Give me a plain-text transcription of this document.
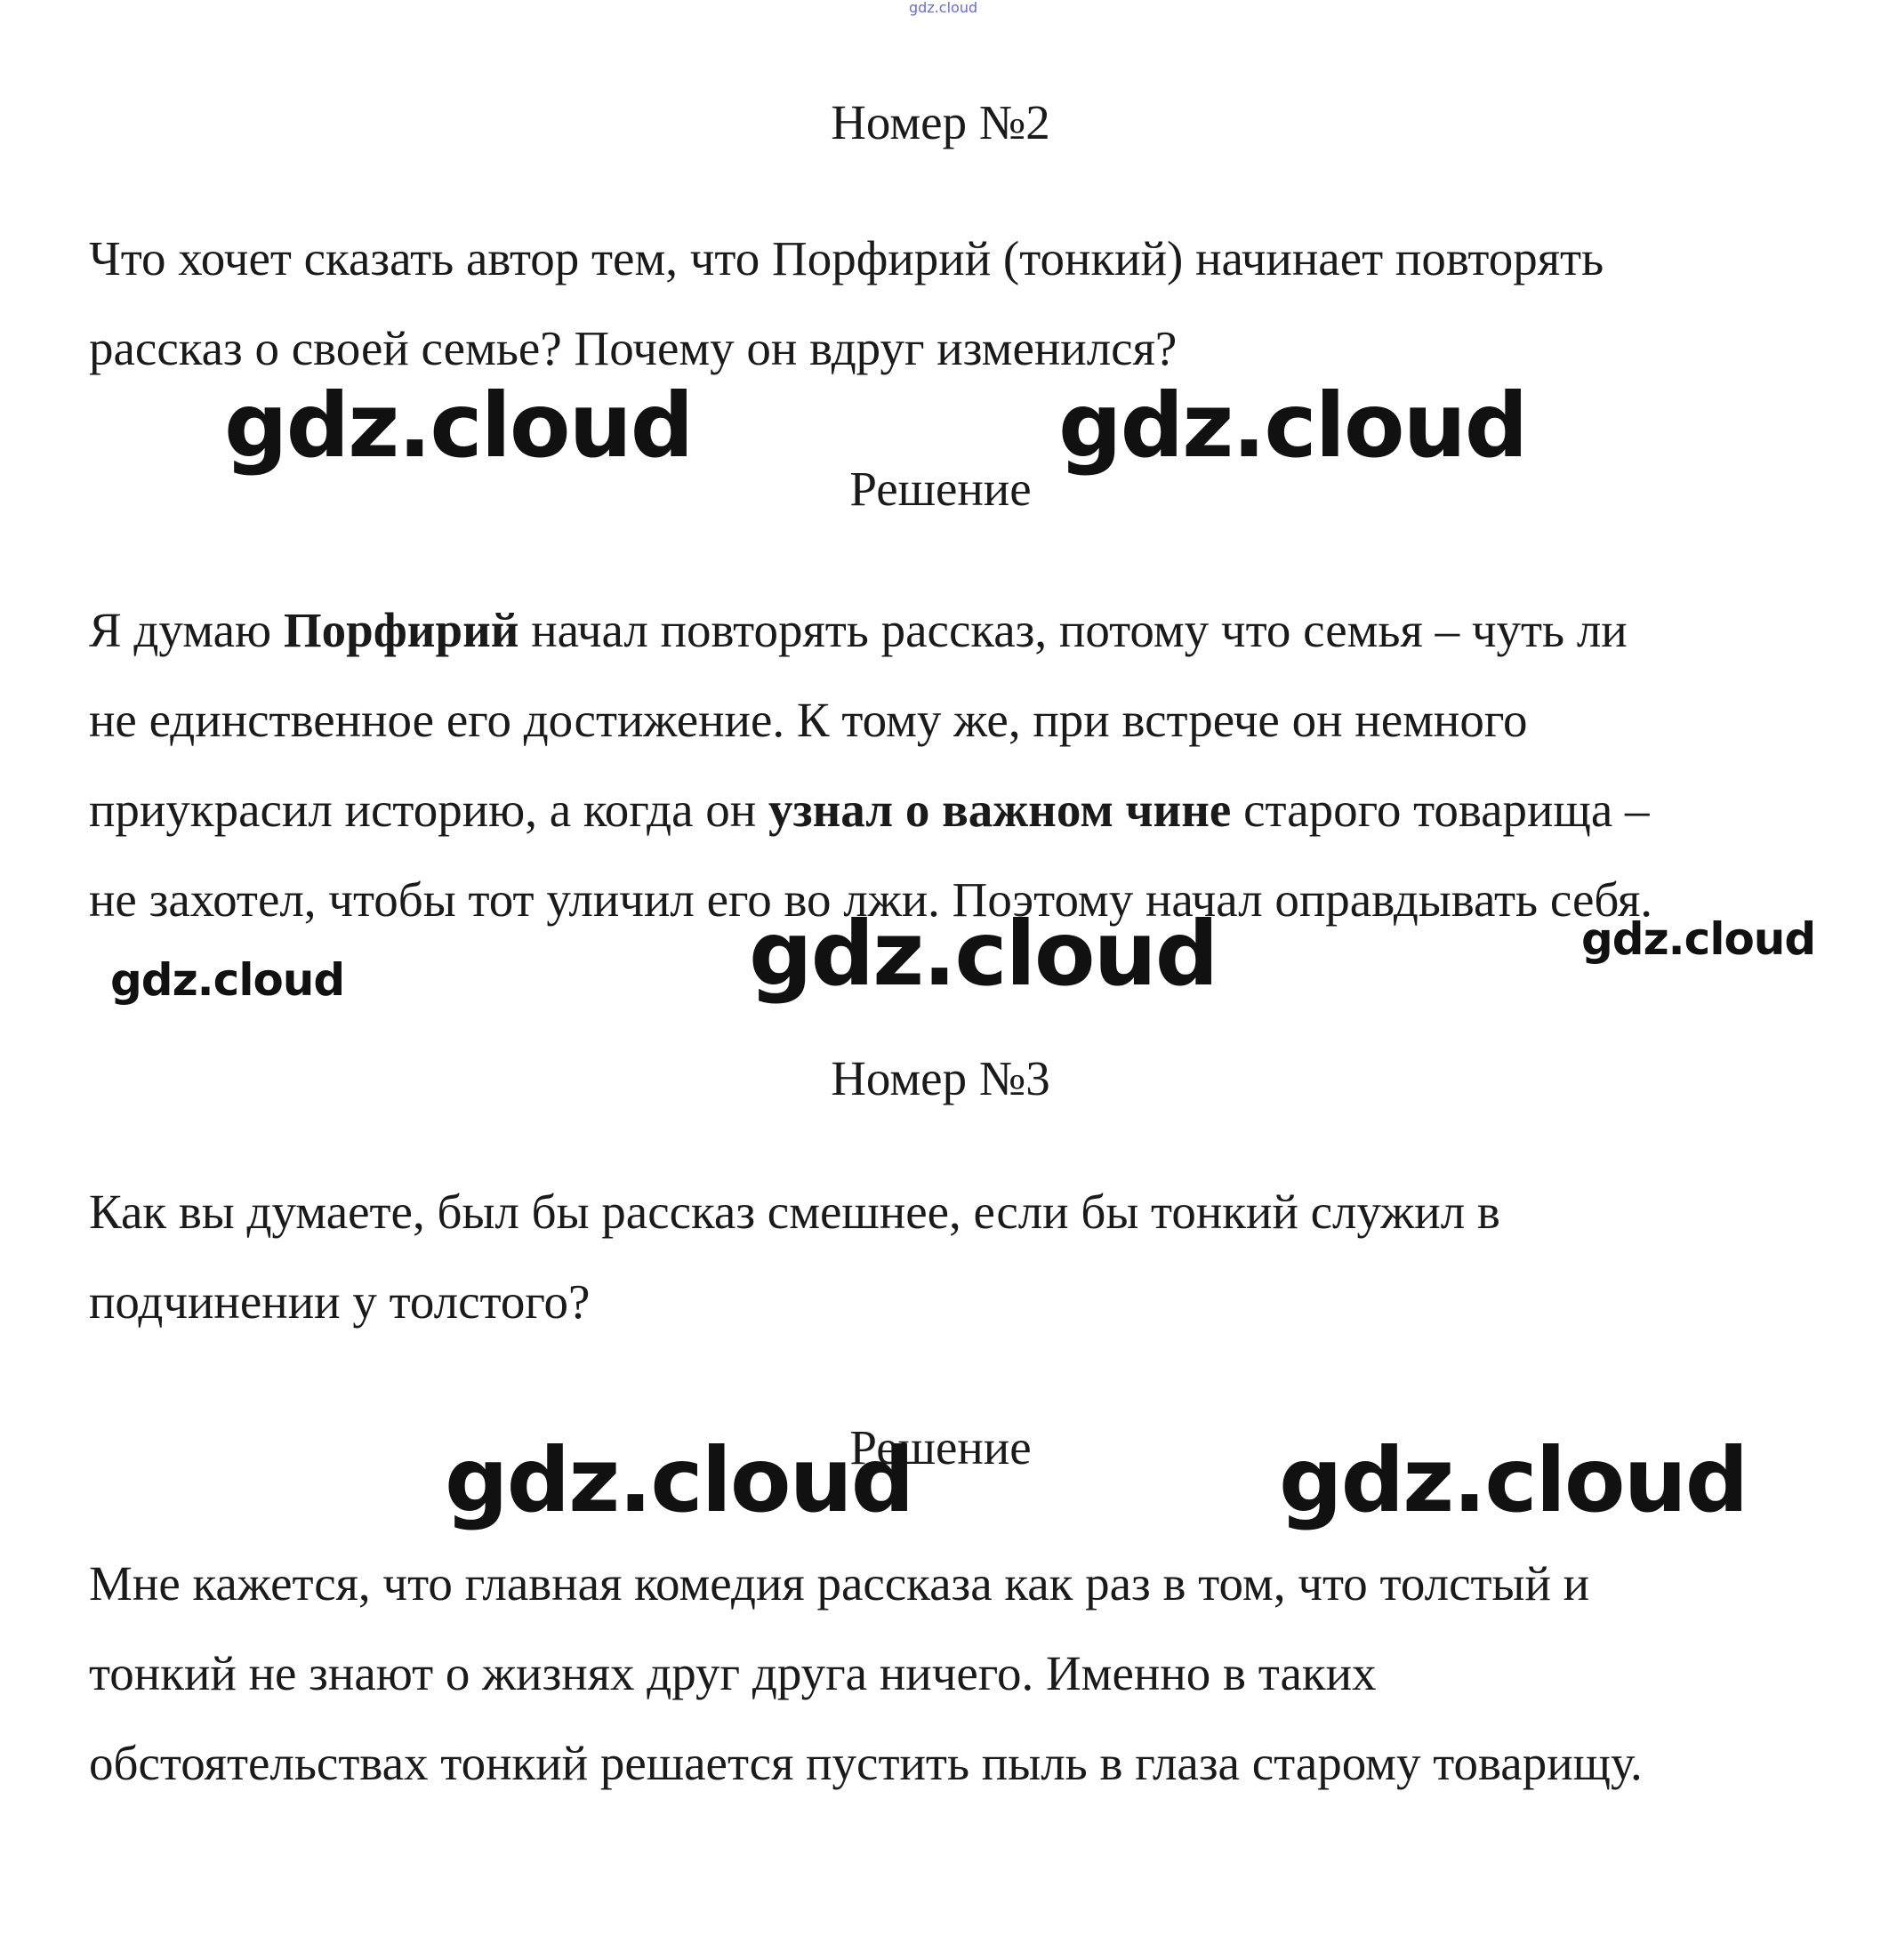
gdz.cloud
Номер №2
Что хочет сказать автор тем, что Порфирий (тонкий) начинает повторять
рассказ о своей семье? Почему он вдруг изменился?
gdz.cloud	gdz.cloud
Решение
Я думаю Порфирий начал повторять рассказ, потому что семья – чуть ли
не единственное его достижение. К тому же, при встрече он немного
приукрасил историю, а когда он узнал о важном чине старого товарища –
не захотел, чтобы тот уличил его во лжи. Поэтому начал оправдывать себя.
gdz.cloud
gdz.cloud
gdz.cloud
Номер №3
Как вы думаете, был бы рассказ смешнее, если бы тонкий служил в
подчинении у толстого?
Решение
gdz.cloud	gdz.cloud
Мне кажется, что главная комедия рассказа как раз в том, что толстый и
тонкий не знают о жизнях друг друга ничего. Именно в таких
обстоятельствах тонкий решается пустить пыль в глаза старому товарищу.
